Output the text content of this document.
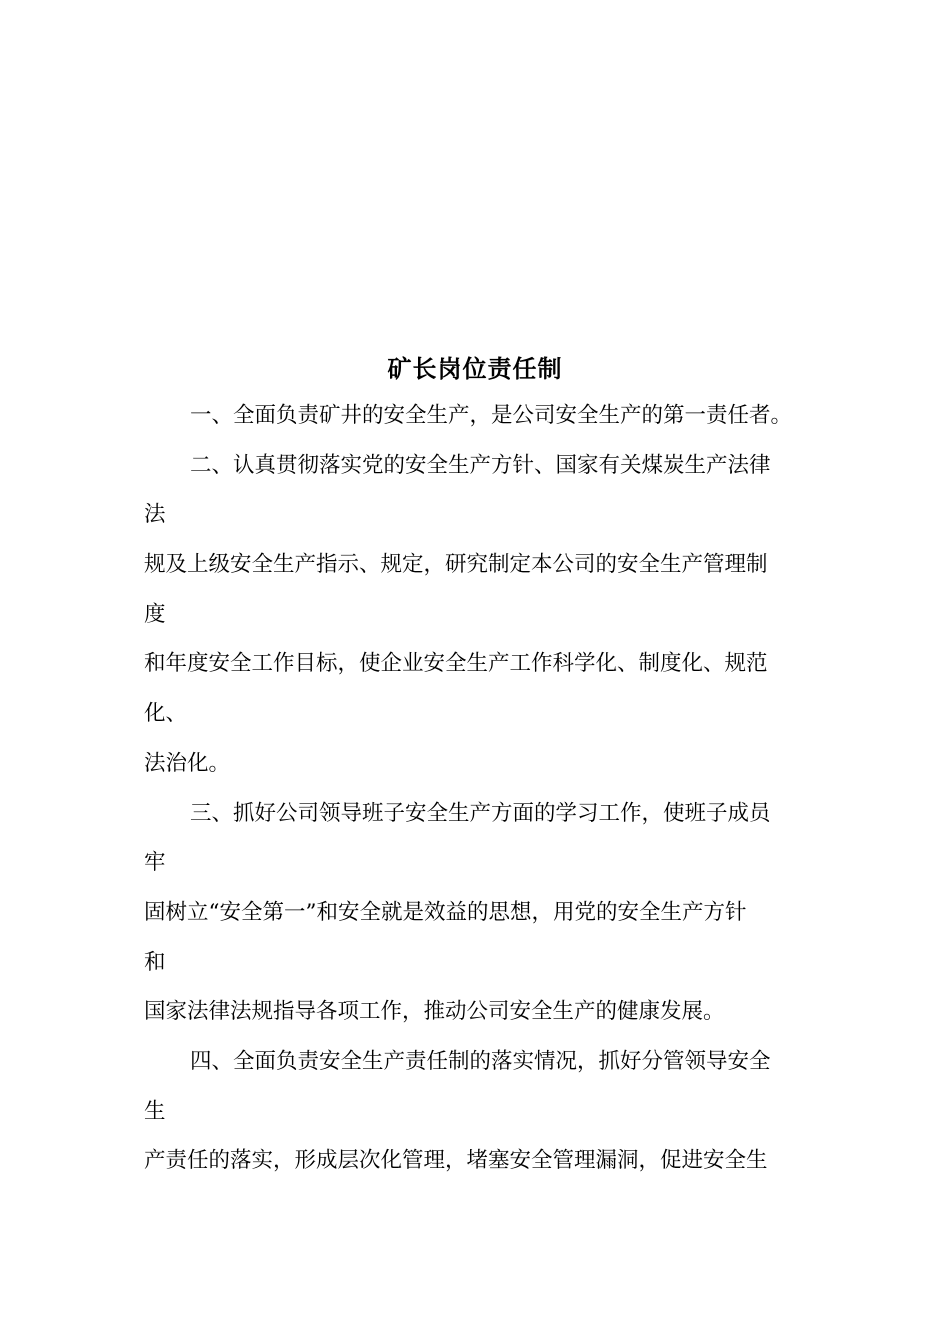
矿长岗位责任制
一、全面负责矿井的安全生产，是公司安全生产的第一责任者。
二、认真贯彻落实党的安全生产方针、国家有关煤炭生产法律
法
规及上级安全生产指示、规定，研究制定本公司的安全生产管理制
度
和年度安全工作目标，使企业安全生产工作科学化、制度化、规范
化、
法治化。
三、抓好公司领导班子安全生产方面的学习工作，使班子成员
牢
固树立“安全第一”和安全就是效益的思想，用党的安全生产方针
和
国家法律法规指导各项工作，推动公司安全生产的健康发展。
四、全面负责安全生产责任制的落实情况，抓好分管领导安全
生
产责任的落实，形成层次化管理，堵塞安全管理漏洞，促进安全生
